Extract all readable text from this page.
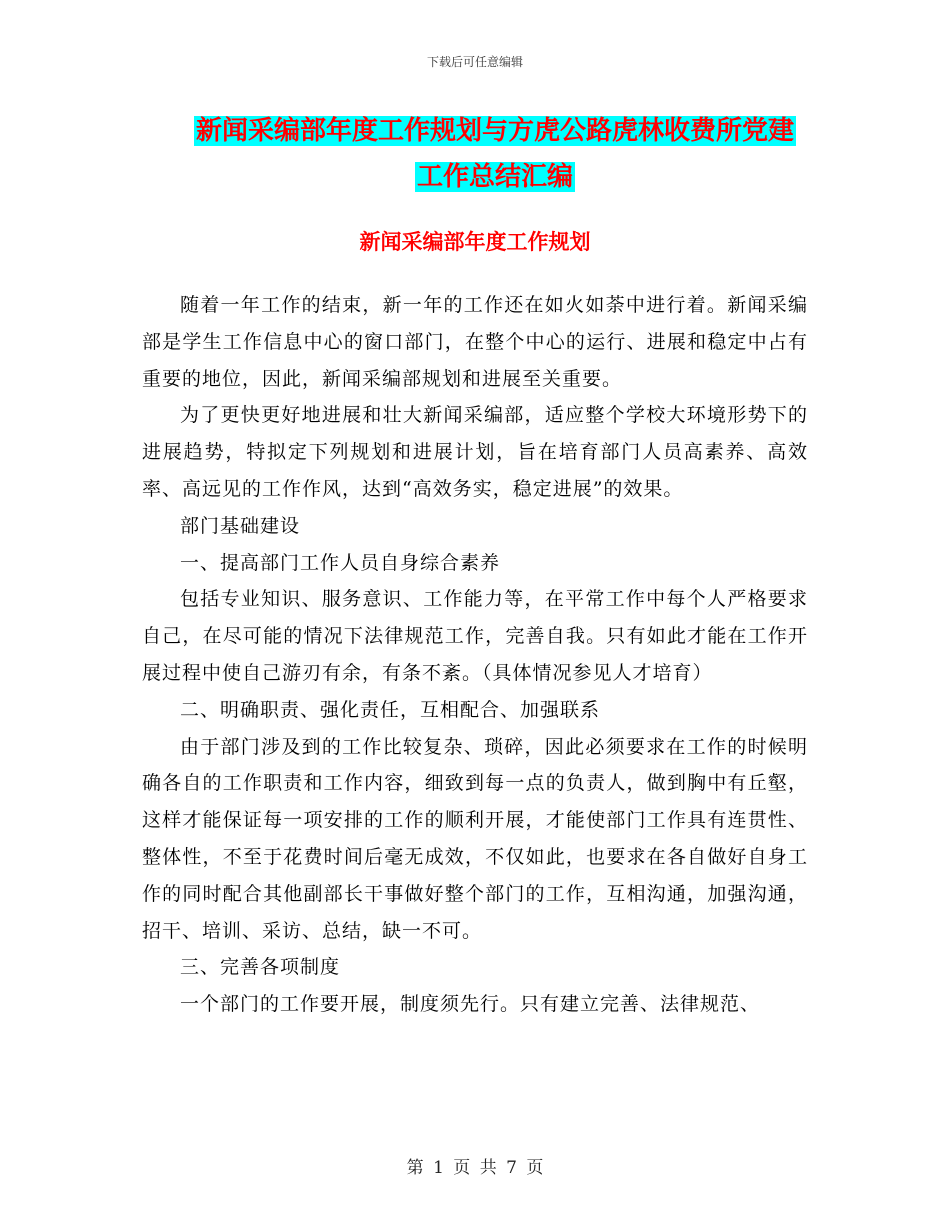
下载后可任意编辑
新闻采编部年度工作规划与方虎公路虎林收费所党建
工作总结汇编
新闻采编部年度工作规划

随着一年工作的结束，新一年的工作还在如火如荼中进行着。新闻采编部是学生工作信息中心的窗口部门，在整个中心的运行、进展和稳定中占有重要的地位，因此，新闻采编部规划和进展至关重要。

为了更快更好地进展和壮大新闻采编部，适应整个学校大环境形势下的进展趋势，特拟定下列规划和进展计划，旨在培育部门人员高素养、高效率、高远见的工作作风，达到“高效务实，稳定进展”的效果。

部门基础建设

一、提高部门工作人员自身综合素养

包括专业知识、服务意识、工作能力等，在平常工作中每个人严格要求自己，在尽可能的情况下法律规范工作，完善自我。只有如此才能在工作开展过程中使自己游刃有余，有条不紊。（具体情况参见人才培育）

二、明确职责、强化责任，互相配合、加强联系

由于部门涉及到的工作比较复杂、琐碎，因此必须要求在工作的时候明确各自的工作职责和工作内容，细致到每一点的负责人，做到胸中有丘壑，这样才能保证每一项安排的工作的顺利开展，才能使部门工作具有连贯性、整体性，不至于花费时间后毫无成效，不仅如此，也要求在各自做好自身工作的同时配合其他副部长干事做好整个部门的工作，互相沟通，加强沟通，招干、培训、采访、总结，缺一不可。

三、完善各项制度

一个部门的工作要开展，制度须先行。只有建立完善、法律规范、

第 1 页 共 7 页
